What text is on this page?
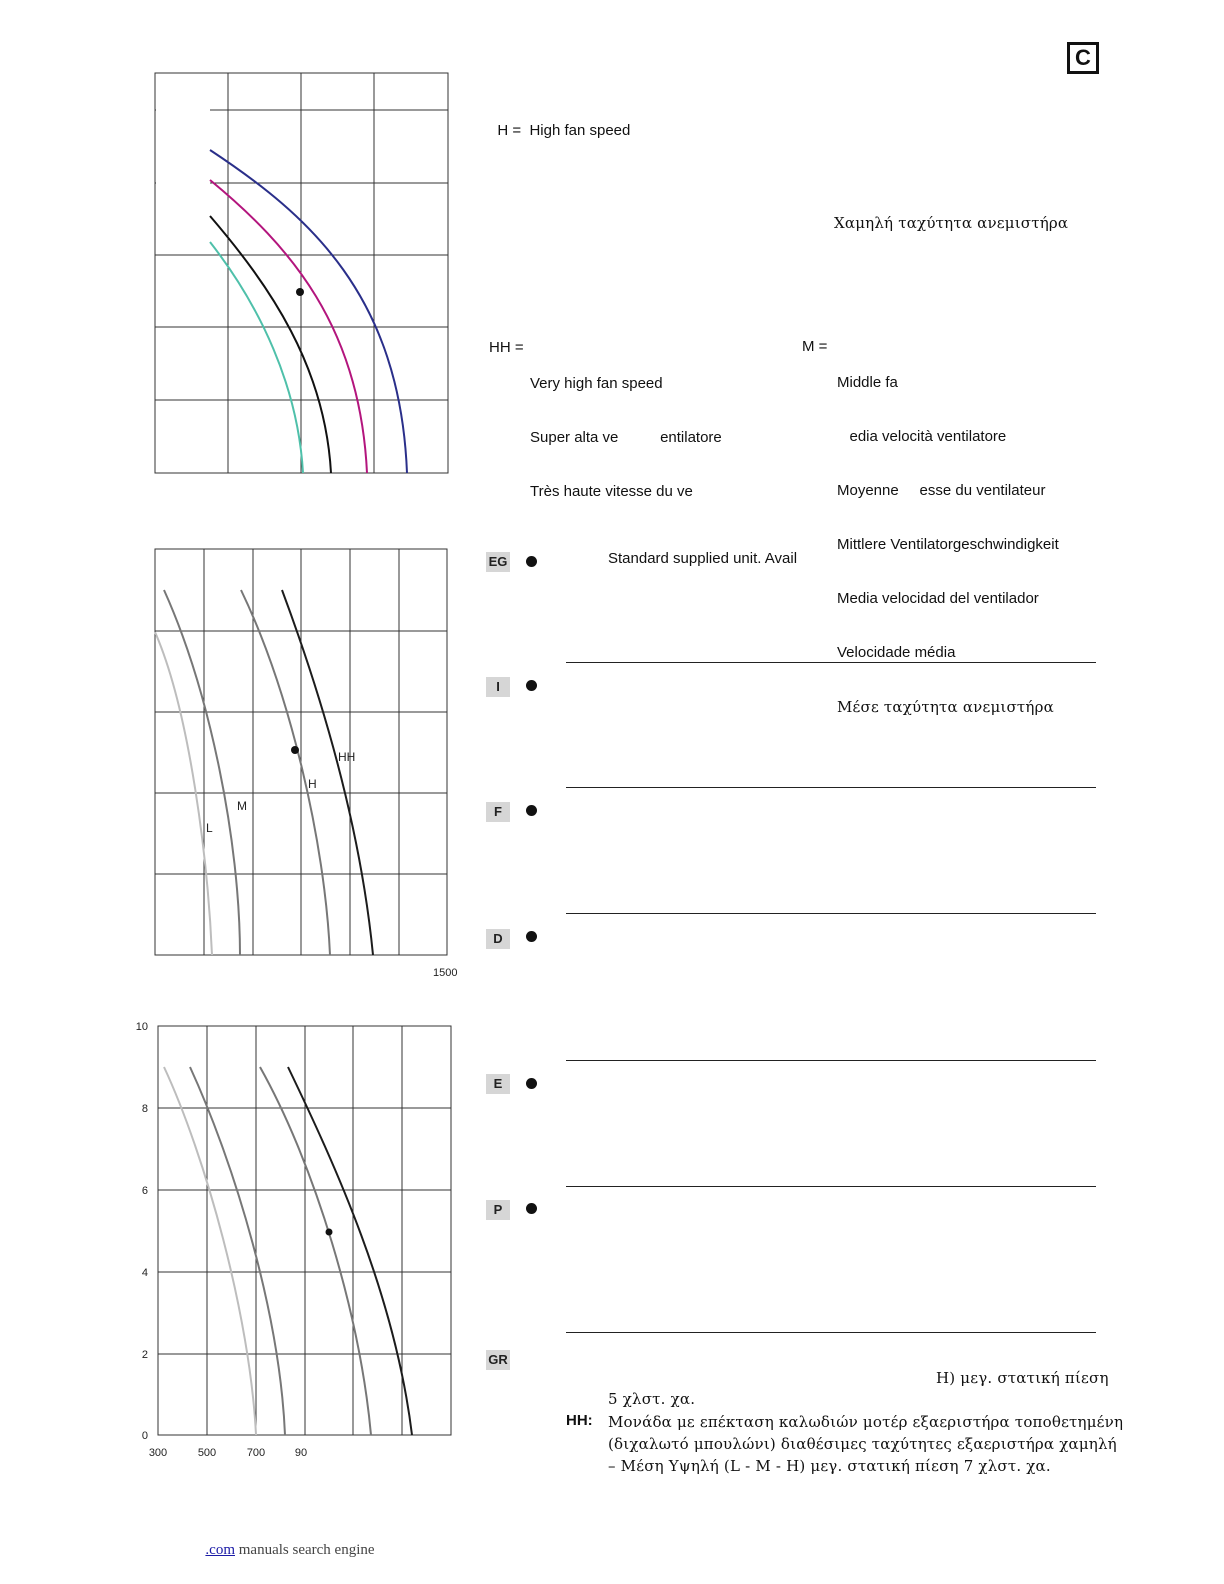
C

H = High fan speed

Χαμηλή ταχύτητα ανεμιστήρα
HH =

Very high fan speed

Super alta ve          entilatore

Très haute vitesse du ve

M =

Middle fa

edia velocità ventilatore

Moyenne     esse du ventilateur

Mittlere Ventilatorgeschwindigkeit

Media velocidad del ventilador

Velocidade média

Μέσε ταχύτητα ανεμιστήρα

HH
H
M
L
1500
10
8
6
4
2
0
300	500	700	90
EG	Standard supplied unit. Avail
I
F
D
E
P
GR
H) μεγ. στατική πίεση
5 χλστ. χα.
HH: Μονάδα με επέκταση καλωδιών μοτέρ εξαεριστήρα τοποθετημένη
(διχαλωτό μπουλώνι) διαθέσιμες ταχύτητες εξαεριστήρα χαμηλή
– Μέση Υψηλή (L - M - H) μεγ. στατική πίεση 7 χλστ. χα.
.com manuals search engine
